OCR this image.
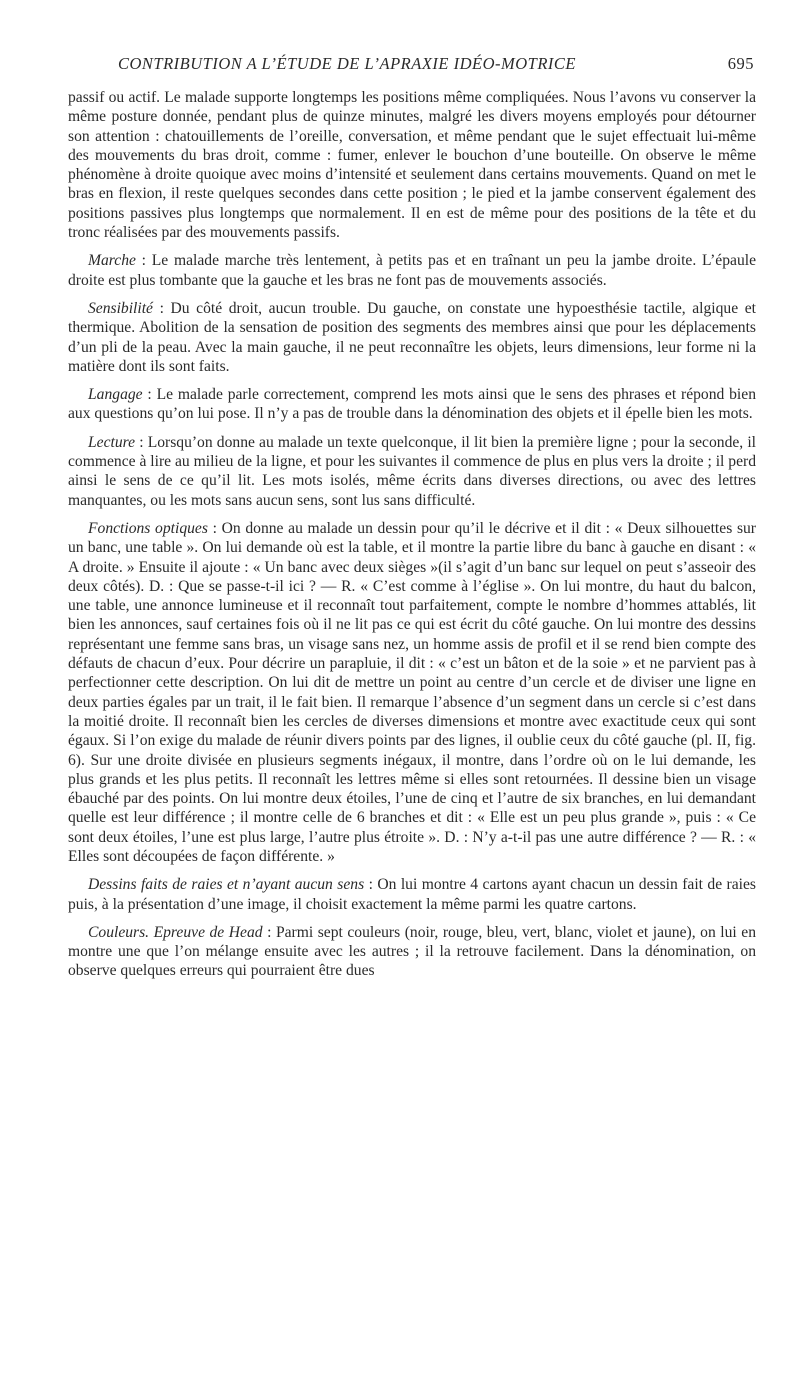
CONTRIBUTION A L’ÉTUDE DE L’APRAXIE IDÉO-MOTRICE	695

passif ou actif. Le malade supporte longtemps les positions même compliquées. Nous l’avons vu conserver la même posture donnée, pendant plus de quinze minutes, malgré les divers moyens employés pour détourner son attention : chatouillements de l’oreille, conversation, et même pendant que le sujet effectuait lui-même des mouvements du bras droit, comme : fumer, enlever le bouchon d’une bouteille. On observe le même phénomène à droite quoique avec moins d’intensité et seulement dans certains mouvements. Quand on met le bras en flexion, il reste quelques secondes dans cette position ; le pied et la jambe conservent également des positions passives plus longtemps que normalement. Il en est de même pour des positions de la tête et du tronc réalisées par des mouvements passifs.

Marche : Le malade marche très lentement, à petits pas et en traînant un peu la jambe droite. L’épaule droite est plus tombante que la gauche et les bras ne font pas de mouvements associés.

Sensibilité : Du côté droit, aucun trouble. Du gauche, on constate une hypoesthésie tactile, algique et thermique. Abolition de la sensation de position des segments des membres ainsi que pour les déplacements d’un pli de la peau. Avec la main gauche, il ne peut reconnaître les objets, leurs dimensions, leur forme ni la matière dont ils sont faits.

Langage : Le malade parle correctement, comprend les mots ainsi que le sens des phrases et répond bien aux questions qu’on lui pose. Il n’y a pas de trouble dans la dénomination des objets et il épelle bien les mots.

Lecture : Lorsqu’on donne au malade un texte quelconque, il lit bien la première ligne ; pour la seconde, il commence à lire au milieu de la ligne, et pour les suivantes il commence de plus en plus vers la droite ; il perd ainsi le sens de ce qu’il lit. Les mots isolés, même écrits dans diverses directions, ou avec des lettres manquantes, ou les mots sans aucun sens, sont lus sans difficulté.

Fonctions optiques : On donne au malade un dessin pour qu’il le décrive et il dit : « Deux silhouettes sur un banc, une table ». On lui demande où est la table, et il montre la partie libre du banc à gauche en disant : « A droite. » Ensuite il ajoute : « Un banc avec deux sièges »(il s’agit d’un banc sur lequel on peut s’asseoir des deux côtés). D. : Que se passe-t-il ici ? — R. « C’est comme à l’église ». On lui montre, du haut du balcon, une table, une annonce lumineuse et il reconnaît tout parfaitement, compte le nombre d’hommes attablés, lit bien les annonces, sauf certaines fois où il ne lit pas ce qui est écrit du côté gauche. On lui montre des dessins représentant une femme sans bras, un visage sans nez, un homme assis de profil et il se rend bien compte des défauts de chacun d’eux. Pour décrire un parapluie, il dit : « c’est un bâton et de la soie » et ne parvient pas à perfectionner cette description. On lui dit de mettre un point au centre d’un cercle et de diviser une ligne en deux parties égales par un trait, il le fait bien. Il remarque l’absence d’un segment dans un cercle si c’est dans la moitié droite. Il reconnaît bien les cercles de diverses dimensions et montre avec exactitude ceux qui sont égaux. Si l’on exige du malade de réunir divers points par des lignes, il oublie ceux du côté gauche (pl. II, fig. 6). Sur une droite divisée en plusieurs segments inégaux, il montre, dans l’ordre où on le lui demande, les plus grands et les plus petits. Il reconnaît les lettres même si elles sont retournées. Il dessine bien un visage ébauché par des points. On lui montre deux étoiles, l’une de cinq et l’autre de six branches, en lui demandant quelle est leur différence ; il montre celle de 6 branches et dit : « Elle est un peu plus grande », puis : « Ce sont deux étoiles, l’une est plus large, l’autre plus étroite ». D. : N’y a-t-il pas une autre différence ? — R. : « Elles sont découpées de façon différente. »

Dessins faits de raies et n’ayant aucun sens : On lui montre 4 cartons ayant chacun un dessin fait de raies puis, à la présentation d’une image, il choisit exactement la même parmi les quatre cartons.

Couleurs. Epreuve de Head : Parmi sept couleurs (noir, rouge, bleu, vert, blanc, violet et jaune), on lui en montre une que l’on mélange ensuite avec les autres ; il la retrouve facilement. Dans la dénomination, on observe quelques erreurs qui pourraient être dues
